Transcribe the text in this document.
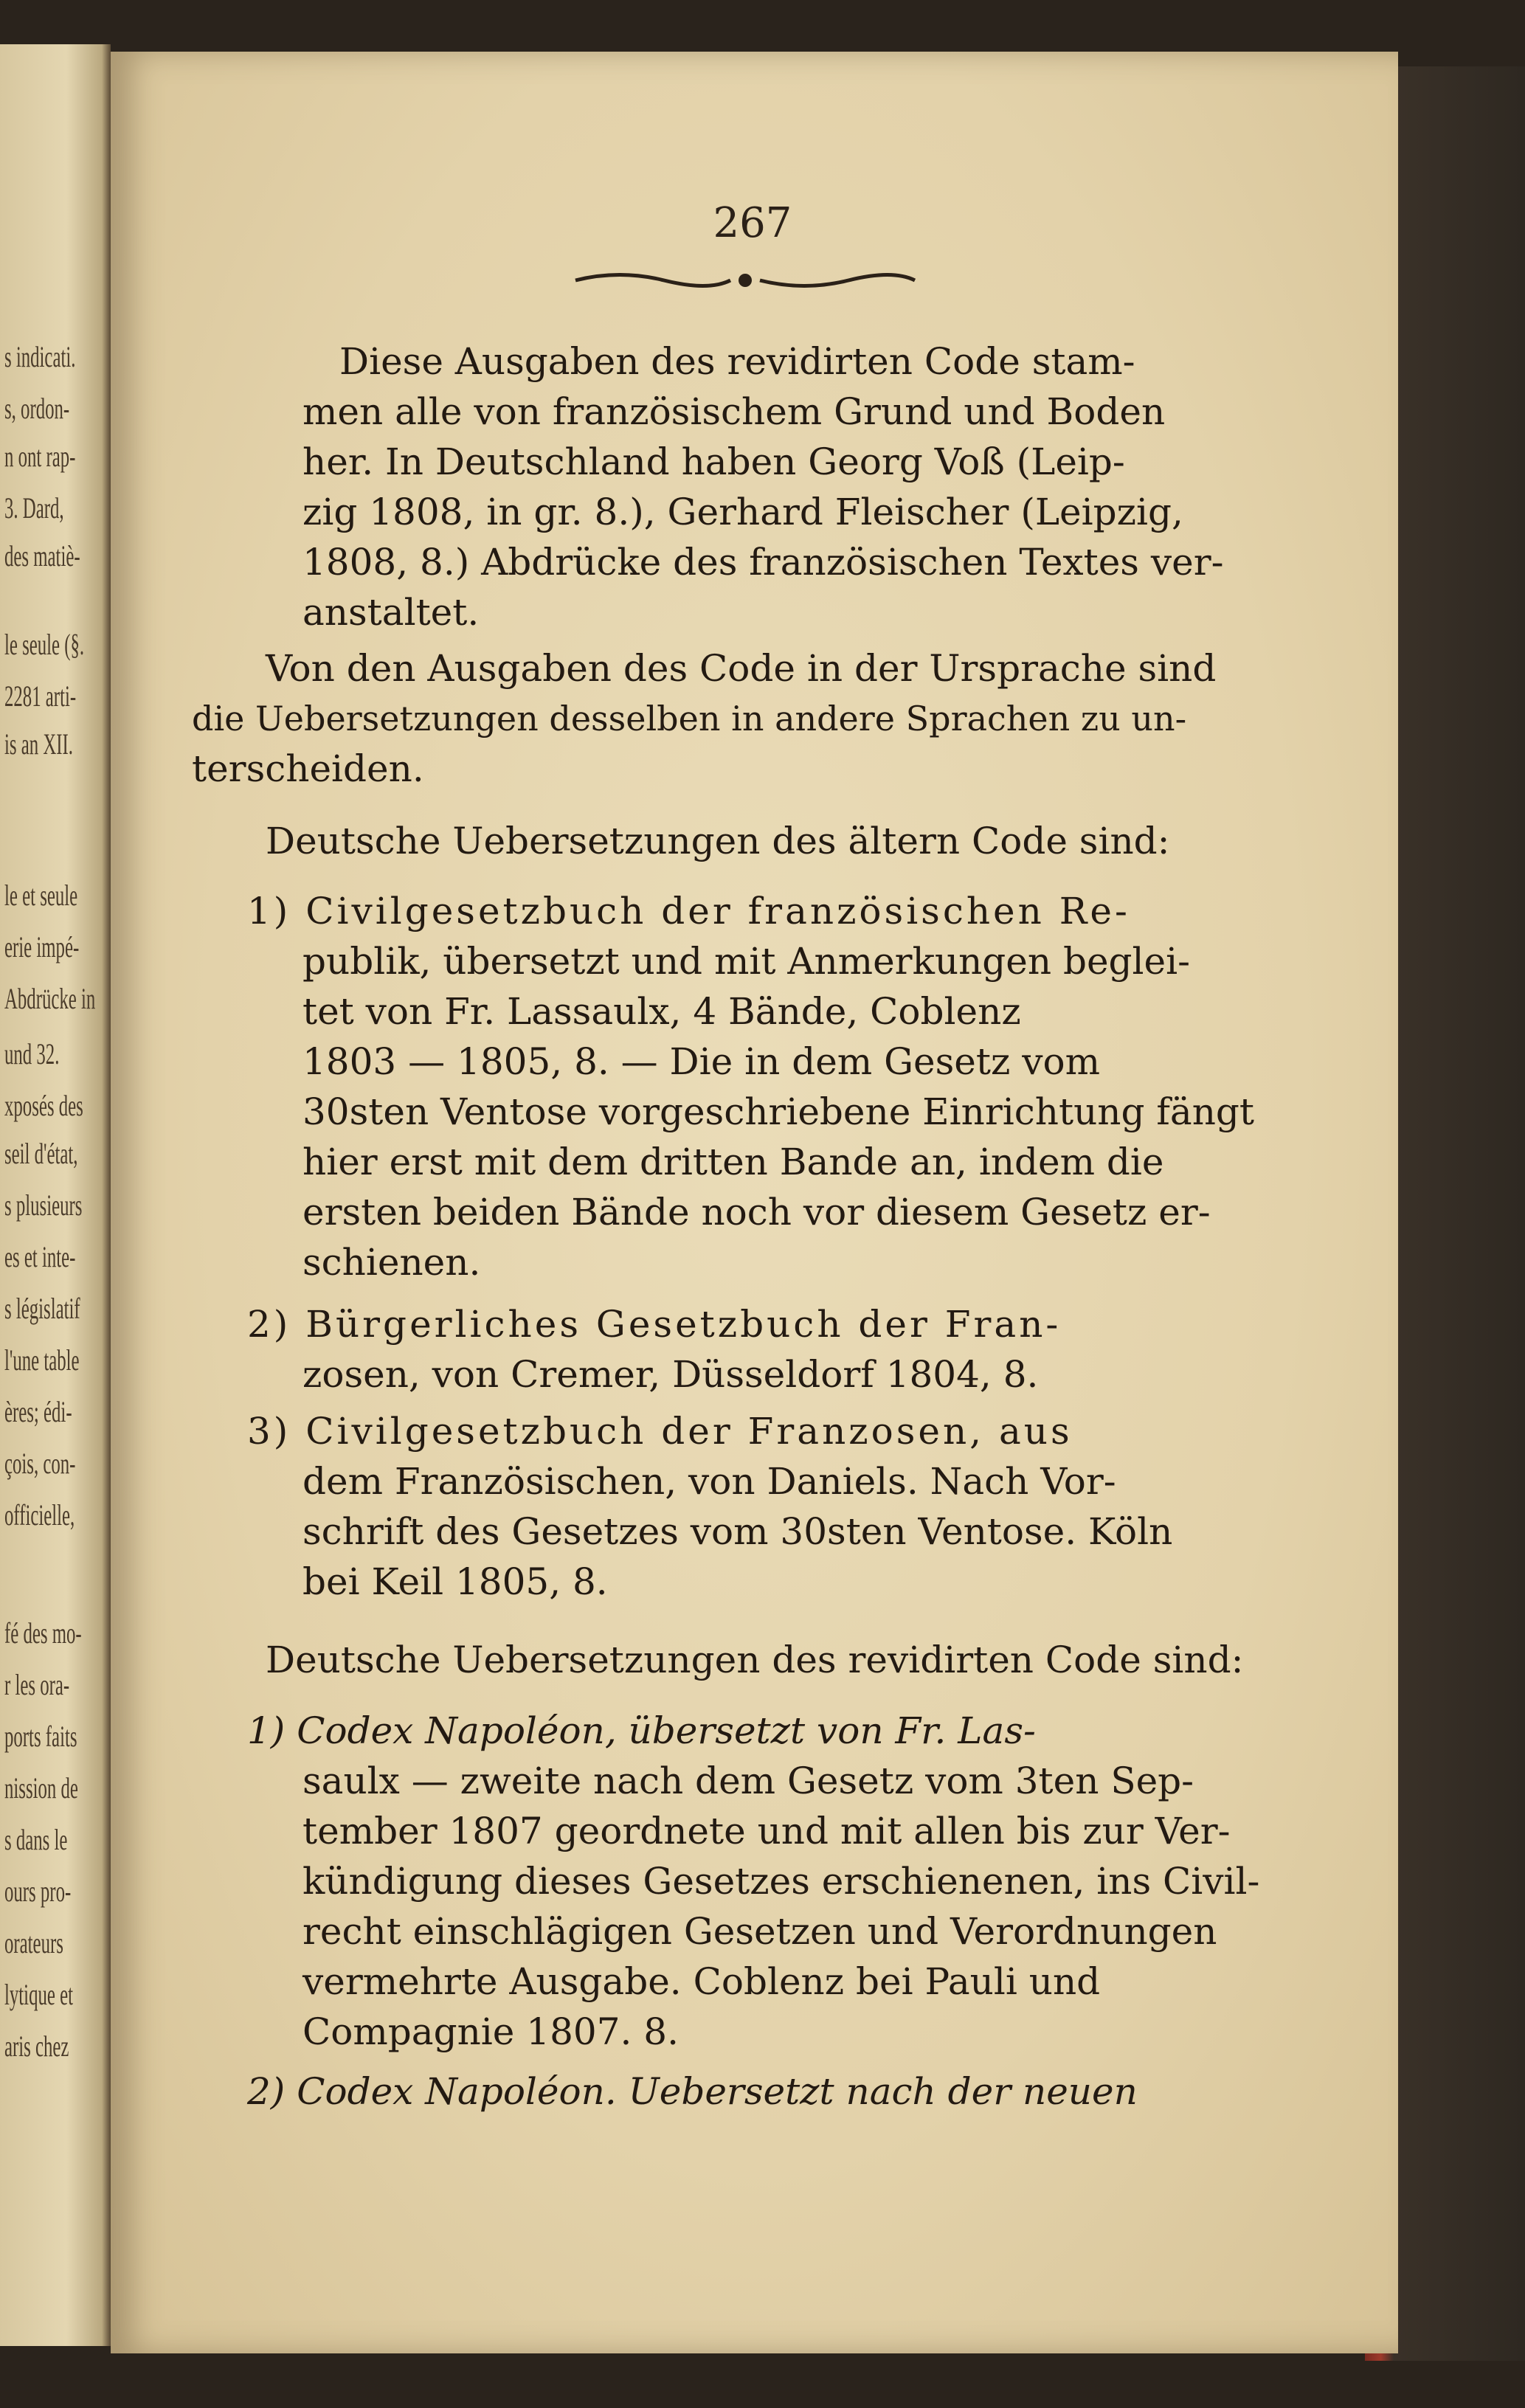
s indicati.
s, ordon-
n ont rap-
3. Dard,
des matiè-
le seule (§.
2281 arti-
is an XII.
le et seule
erie impé-
Abdrücke in
und 32.
xposés des
seil d'état,
s plusieurs
es et inte-
s législatif
l'une table
ères; édi-
çois, con-
officielle,
fé des mo-
r les ora-
ports faits
nission de
s dans le
ours pro-
orateurs
lytique et
aris chez
267
Diese Ausgaben des revidirten Code stam-
men alle von französischem Grund und Boden
her. In Deutschland haben Georg Voß (Leip-
zig 1808, in gr. 8.), Gerhard Fleischer (Leipzig,
1808, 8.) Abdrücke des französischen Textes ver-
anstaltet.
Von den Ausgaben des Code in der Ursprache sind
die Uebersetzungen desselben in andere Sprachen zu un-
terscheiden.
Deutsche Uebersetzungen des ältern Code sind:
1) Civilgesetzbuch der französischen Re-
publik, übersetzt und mit Anmerkungen beglei-
tet von Fr. Lassaulx, 4 Bände, Coblenz
1803 — 1805, 8. — Die in dem Gesetz vom
30sten Ventose vorgeschriebene Einrichtung fängt
hier erst mit dem dritten Bande an, indem die
ersten beiden Bände noch vor diesem Gesetz er-
schienen.
2) Bürgerliches Gesetzbuch der Fran-
zosen, von Cremer, Düsseldorf 1804, 8.
3) Civilgesetzbuch der Franzosen, aus
dem Französischen, von Daniels. Nach Vor-
schrift des Gesetzes vom 30sten Ventose. Köln
bei Keil 1805, 8.
Deutsche Uebersetzungen des revidirten Code sind:
1) Codex Napoléon, übersetzt von Fr. Las-
saulx — zweite nach dem Gesetz vom 3ten Sep-
tember 1807 geordnete und mit allen bis zur Ver-
kündigung dieses Gesetzes erschienenen, ins Civil-
recht einschlägigen Gesetzen und Verordnungen
vermehrte Ausgabe. Coblenz bei Pauli und
Compagnie 1807. 8.
2) Codex Napoléon. Uebersetzt nach der neuen
